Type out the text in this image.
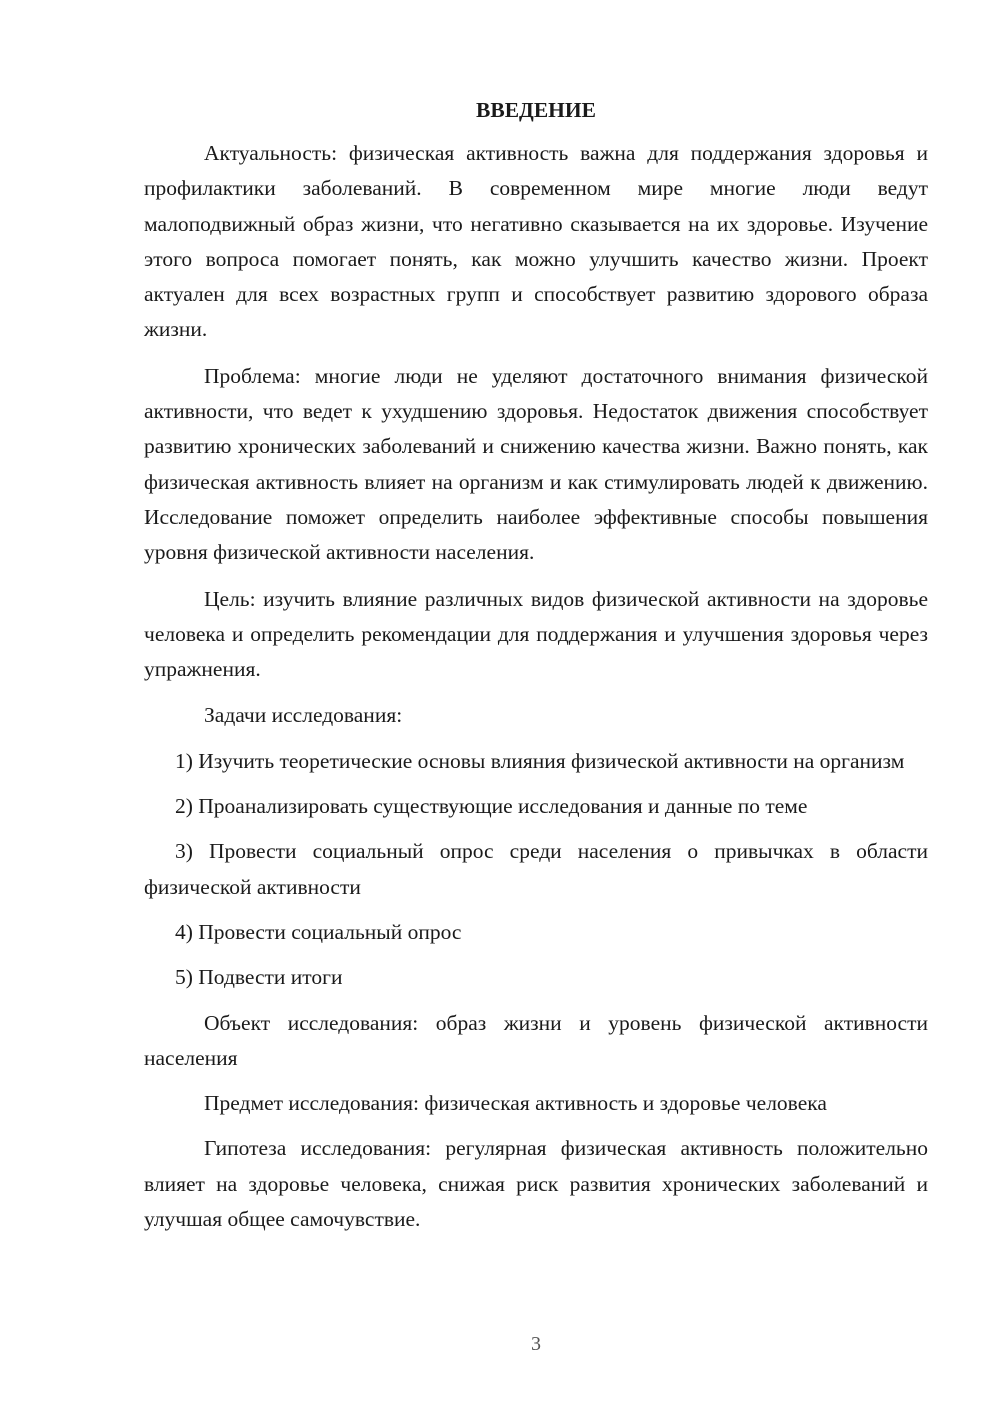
ВВЕДЕНИЕ

Актуальность: физическая активность важна для поддержания здоровья и профилактики заболеваний. В современном мире многие люди ведут малоподвижный образ жизни, что негативно сказывается на их здоровье. Изучение этого вопроса помогает понять, как можно улучшить качество жизни. Проект актуален для всех возрастных групп и способствует развитию здорового образа жизни.

Проблема: многие люди не уделяют достаточного внимания физической активности, что ведет к ухудшению здоровья. Недостаток движения способствует развитию хронических заболеваний и снижению качества жизни. Важно понять, как физическая активность влияет на организм и как стимулировать людей к движению. Исследование поможет определить наиболее эффективные способы повышения уровня физической активности населения.

Цель: изучить влияние различных видов физической активности на здоровье человека и определить рекомендации для поддержания и улучшения здоровья через упражнения.

Задачи исследования:

1) Изучить теоретические основы влияния физической активности на организм

2) Проанализировать существующие исследования и данные по теме

3) Провести социальный опрос среди населения о привычках в области физической активности

4) Провести социальный опрос

5) Подвести итоги

Объект исследования: образ жизни и уровень физической активности населения

Предмет исследования: физическая активность и здоровье человека

Гипотеза исследования: регулярная физическая активность положительно влияет на здоровье человека, снижая риск развития хронических заболеваний и улучшая общее самочувствие.

3
